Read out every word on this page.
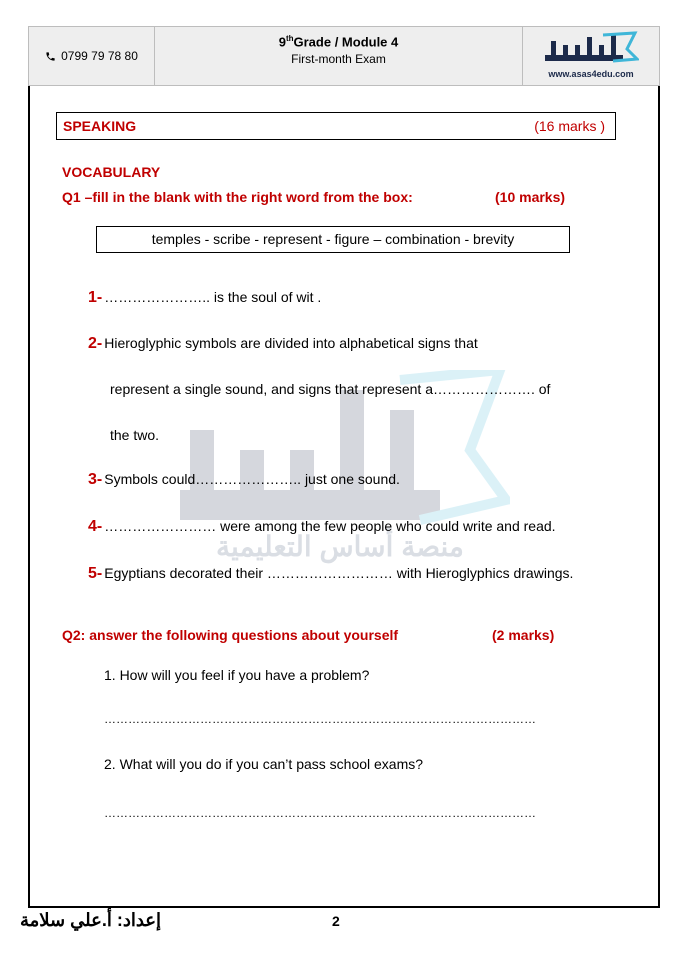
0799 79 78 80
9thGrade / Module 4
First-month Exam
www.asas4edu.com
منصة أساس التعليمية
SPEAKING	(16 marks )
VOCABULARY
Q1 –fill in the blank with the right word from the box:	(10 marks)
temples - scribe - represent - figure – combination - brevity
1- ………………….. is the soul of wit .
2- Hieroglyphic symbols are divided into alphabetical signs that
represent a single sound, and signs that represent a…………………. of
the two.
3- Symbols could………………….. just one sound.
4- …………………… were among the few people who could write and read.
5- Egyptians decorated their ……………………… with Hieroglyphics drawings.
Q2: answer the following questions about yourself	(2 marks)
1. How will you feel if you have a problem?
………………………………………………………………………………………………
2. What will you do if you can’t pass school exams?
………………………………………………………………………………………………
إعداد: أ.علي سلامة	2
